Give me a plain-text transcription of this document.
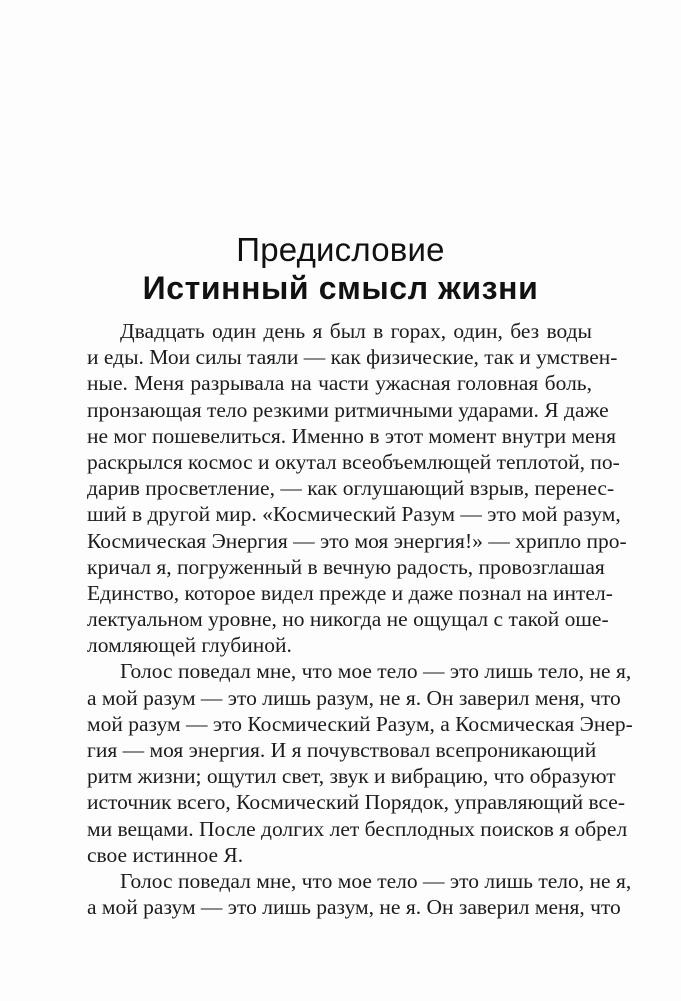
Предисловие
Истинный смысл жизни
Двадцать один день я был в горах, один, без воды
и еды. Мои силы таяли — как физические, так и умствен-
ные. Меня разрывала на части ужасная головная боль,
пронзающая тело резкими ритмичными ударами. Я даже
не мог пошевелиться. Именно в этот момент внутри меня
раскрылся космос и окутал всеобъемлющей теплотой, по-
дарив просветление, — как оглушающий взрыв, перенес-
ший в другой мир. «Космический Разум — это мой разум,
Космическая Энергия — это моя энергия!» — хрипло про-
кричал я, погруженный в вечную радость, провозглашая
Единство, которое видел прежде и даже познал на интел-
лектуальном уровне, но никогда не ощущал с такой ошe-
ломляющей глубиной.
Голос поведал мне, что мое тело — это лишь тело, не я,
а мой разум — это лишь разум, не я. Он заверил меня, что
мой разум — это Космический Разум, а Космическая Энер-
гия — моя энергия. И я почувствовал всепроникающий
ритм жизни; ощутил свет, звук и вибрацию, что образуют
источник всего, Космический Порядок, управляющий все-
ми вещами. После долгих лет бесплодных поисков я обрел
свое истинное Я.
Голос поведал мне, что мое тело — это лишь тело, не я,
а мой разум — это лишь разум, не я. Он заверил меня, что
